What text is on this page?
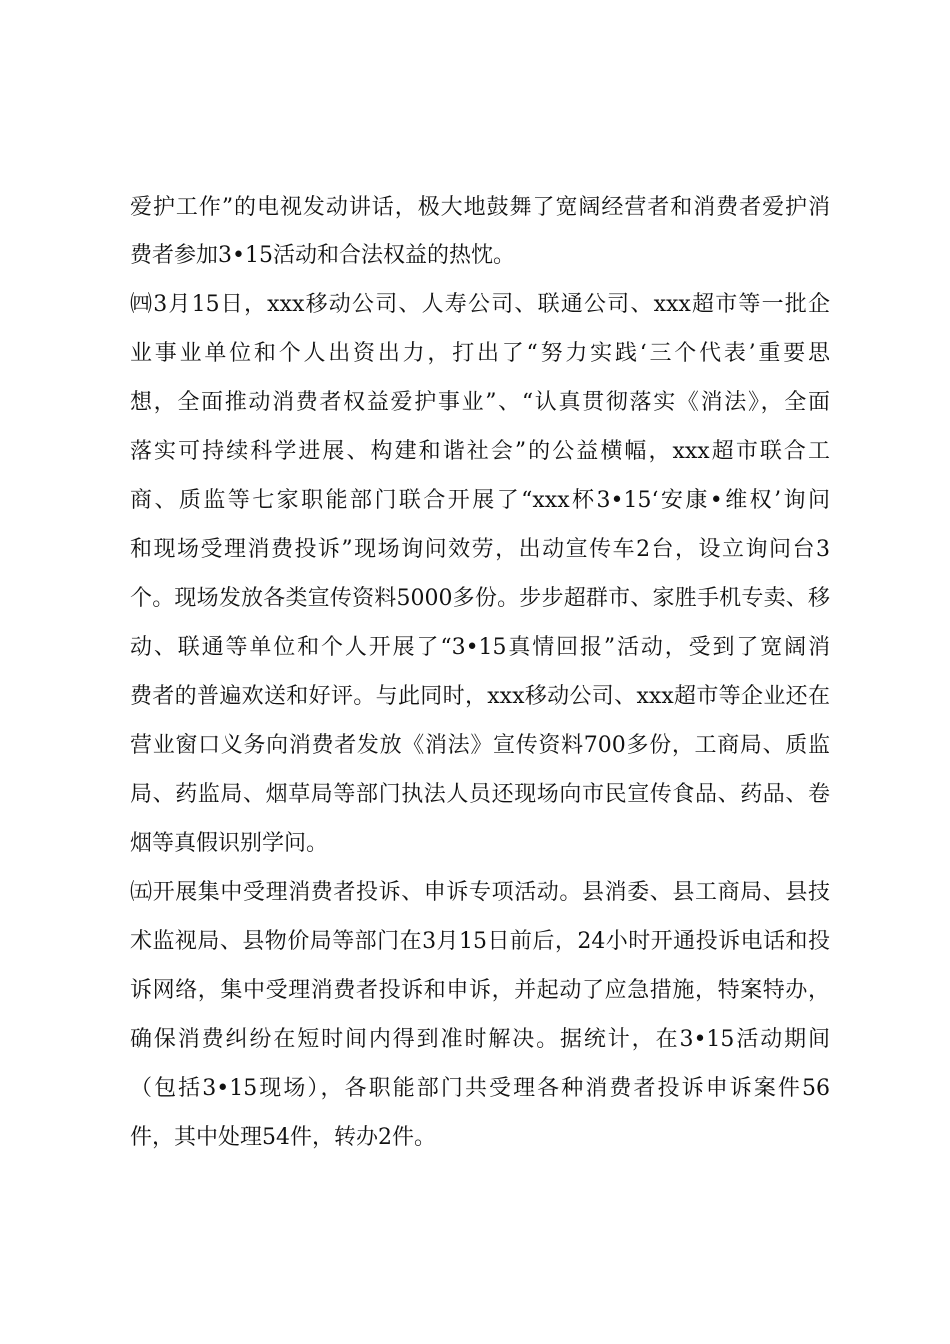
爱护工作”的电视发动讲话，极大地鼓舞了宽阔经营者和消费者爱护消
费者参加3•15活动和合法权益的热忱。
㈣3月15日，xxx移动公司、人寿公司、联通公司、xxx超市等一批企
业事业单位和个人出资出力，打出了“努力实践‘三个代表’重要思
想，全面推动消费者权益爱护事业”、“认真贯彻落实《消法》，全面
落实可持续科学进展、构建和谐社会”的公益横幅，xxx超市联合工
商、质监等七家职能部门联合开展了“xxx杯3•15‘安康•维权’询问
和现场受理消费投诉”现场询问效劳，出动宣传车2台，设立询问台3
个。现场发放各类宣传资料5000多份。步步超群市、家胜手机专卖、移
动、联通等单位和个人开展了“3•15真情回报”活动，受到了宽阔消
费者的普遍欢送和好评。与此同时，xxx移动公司、xxx超市等企业还在
营业窗口义务向消费者发放《消法》宣传资料700多份，工商局、质监
局、药监局、烟草局等部门执法人员还现场向市民宣传食品、药品、卷
烟等真假识别学问。
㈤开展集中受理消费者投诉、申诉专项活动。县消委、县工商局、县技
术监视局、县物价局等部门在3月15日前后，24小时开通投诉电话和投
诉网络，集中受理消费者投诉和申诉，并起动了应急措施，特案特办，
确保消费纠纷在短时间内得到准时解决。据统计，在3•15活动期间
（包括3•15现场），各职能部门共受理各种消费者投诉申诉案件56
件，其中处理54件，转办2件。
